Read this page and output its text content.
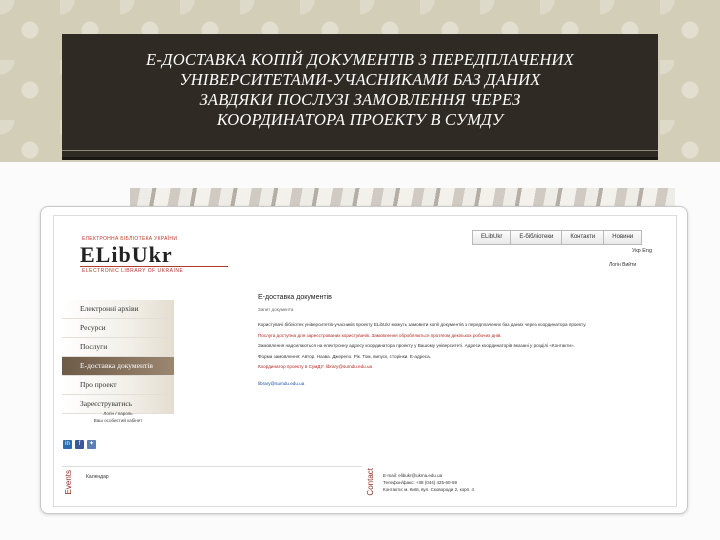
Е-ДОСТАВКА КОПІЙ ДОКУМЕНТІВ З ПЕРЕДПЛАЧЕНИХ
УНІВЕРСИТЕТАМИ-УЧАСНИКАМИ БАЗ ДАНИХ
ЗАВДЯКИ ПОСЛУЗІ ЗАМОВЛЕННЯ ЧЕРЕЗ
КООРДИНАТОРА ПРОЕКТУ В СУМДУ
ЕЛЕКТРОННА БІБЛІОТЕКА УКРАЇНИ
ELibUkr
ELECTRONIC LIBRARY OF UKRAINE
ELibUkr	Е-бібліотеки	Контакти	Новини
Укр Eng
Логін Вийти
Електронні архіви
Ресурси
Послуги
Е-доставка документів
Про проект
Зареєструватись
Логін / пароль
Ваш особистий кабінет
in	f	✦
Е-доставка документів
Запит документа

Користувачі бібліотек університетів-учасників проекту ELibUkr можуть замовити копії документів з передплачених баз даних через координатора проекту.

Послуга доступна для зареєстрованих користувачів. Замовлення обробляються протягом декількох робочих днів.

Замовлення надсилаються на електронну адресу координатора проекту у Вашому університеті. Адреси координаторів вказані у розділі «Контакти».

Форма замовлення: Автор. Назва. Джерело. Рік. Том, випуск, сторінки. Е-адреса.

Координатор проекту в СумДУ: library@sumdu.edu.ua

library@sumdu.edu.ua

Events	Календар	Contact E-mail: elibukr@ukma.edu.ua
Телефон/факс: +38 (044) 425-60-59
Контакти: м. Київ, вул. Сковороди 2, корп. 4
